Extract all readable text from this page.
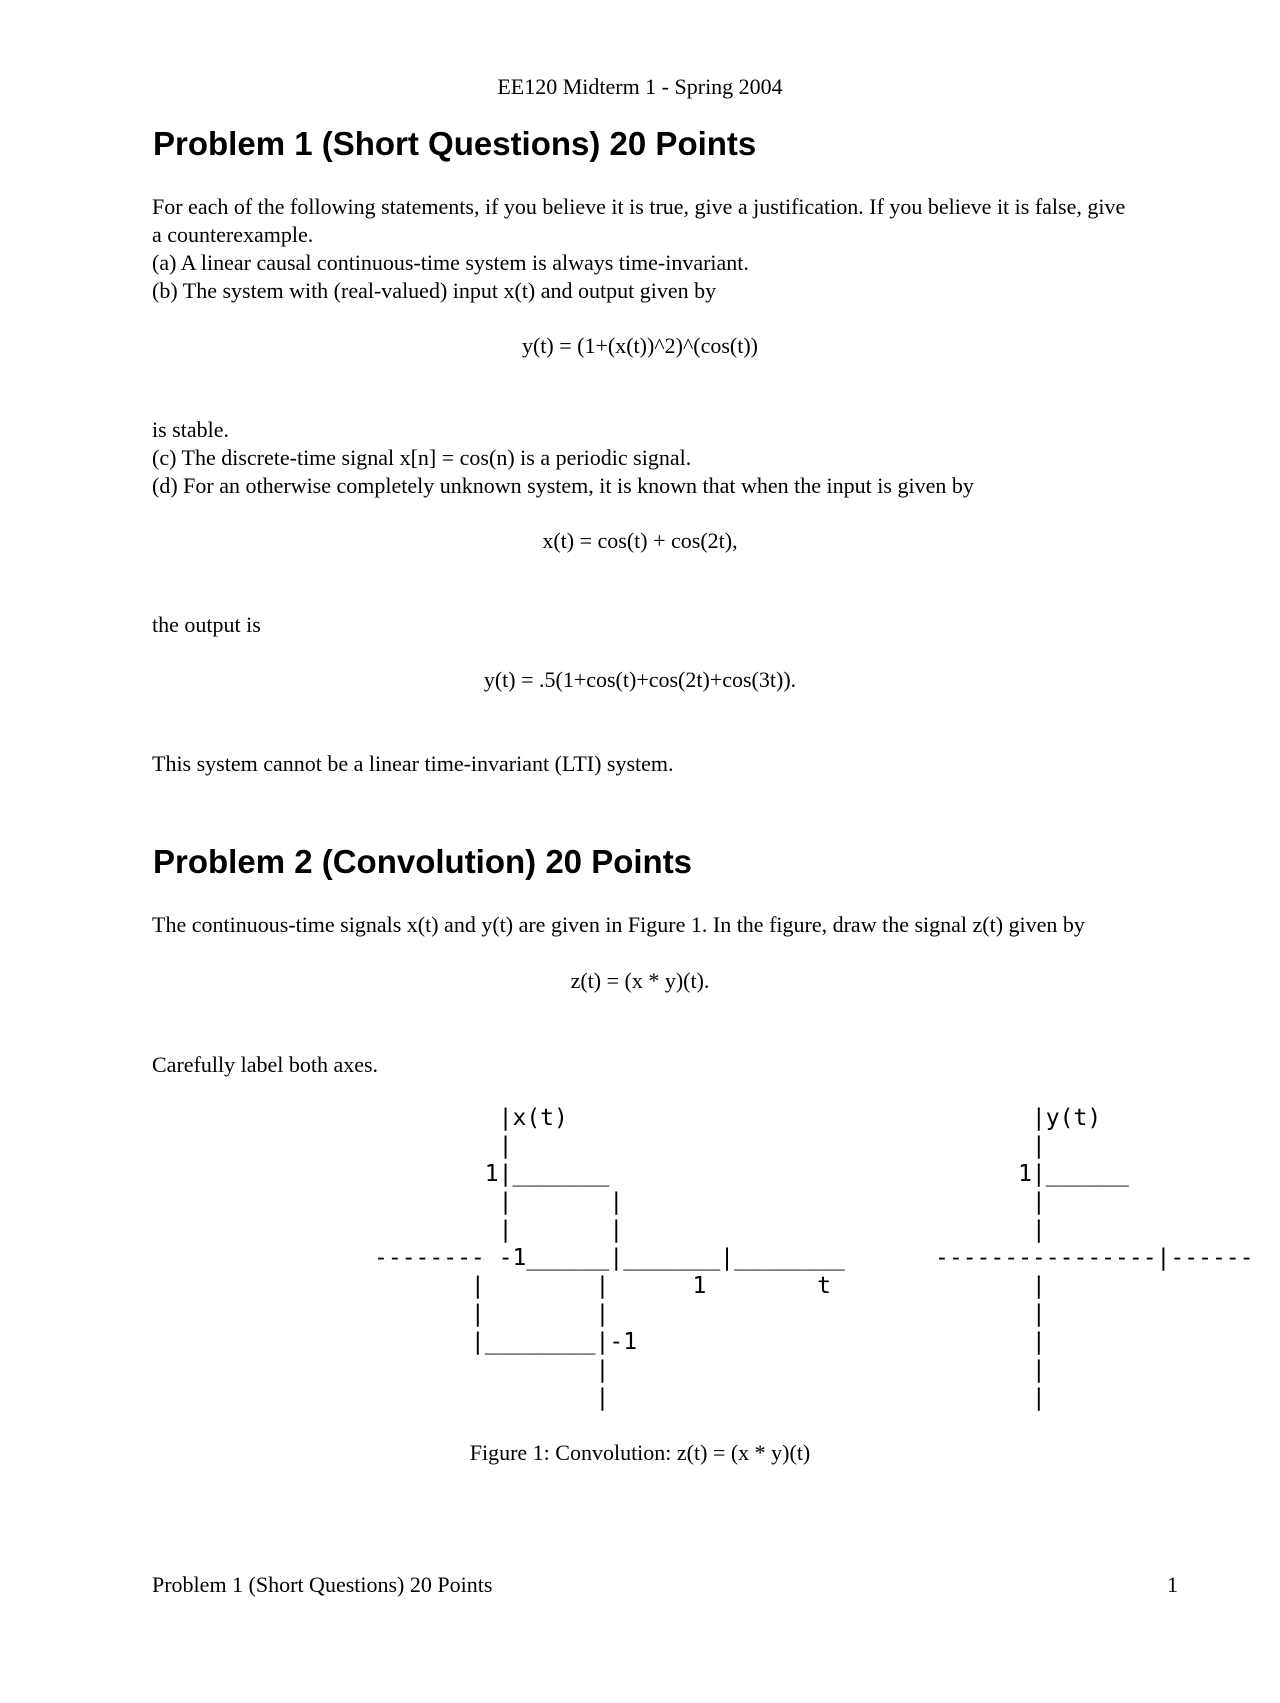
EE120 Midterm 1 - Spring 2004

Problem 1 (Short Questions) 20 Points

For each of the following statements, if you believe it is true, give a justification. If you believe it is false, give

a counterexample.

(a) A linear causal continuous-time system is always time-invariant.

(b) The system with (real-valued) input x(t) and output given by

y(t) = (1+(x(t))^2)^(cos(t))

is stable.

(c) The discrete-time signal x[n] = cos(n) is a periodic signal.

(d) For an otherwise completely unknown system, it is known that when the input is given by

x(t) = cos(t) + cos(2t),

the output is

y(t) = .5(1+cos(t)+cos(2t)+cos(3t)).

This system cannot be a linear time-invariant (LTI) system.

Problem 2 (Convolution) 20 Points

The continuous-time signals x(t) and y(t) are given in Figure 1. In the figure, draw the signal z(t) given by

z(t) = (x * y)(t).

Carefully label both axes.

|x(t)
|
1|_______
|       |
|       |
-------- -1______|_______|________
|        |      1        t
|        |
|________|-1
|
|
|y(t)
|
1|______
|
|
----------------|------
|
|
|
|
|

Figure 1: Convolution: z(t) = (x * y)(t)

Problem 1 (Short Questions) 20 Points	1
